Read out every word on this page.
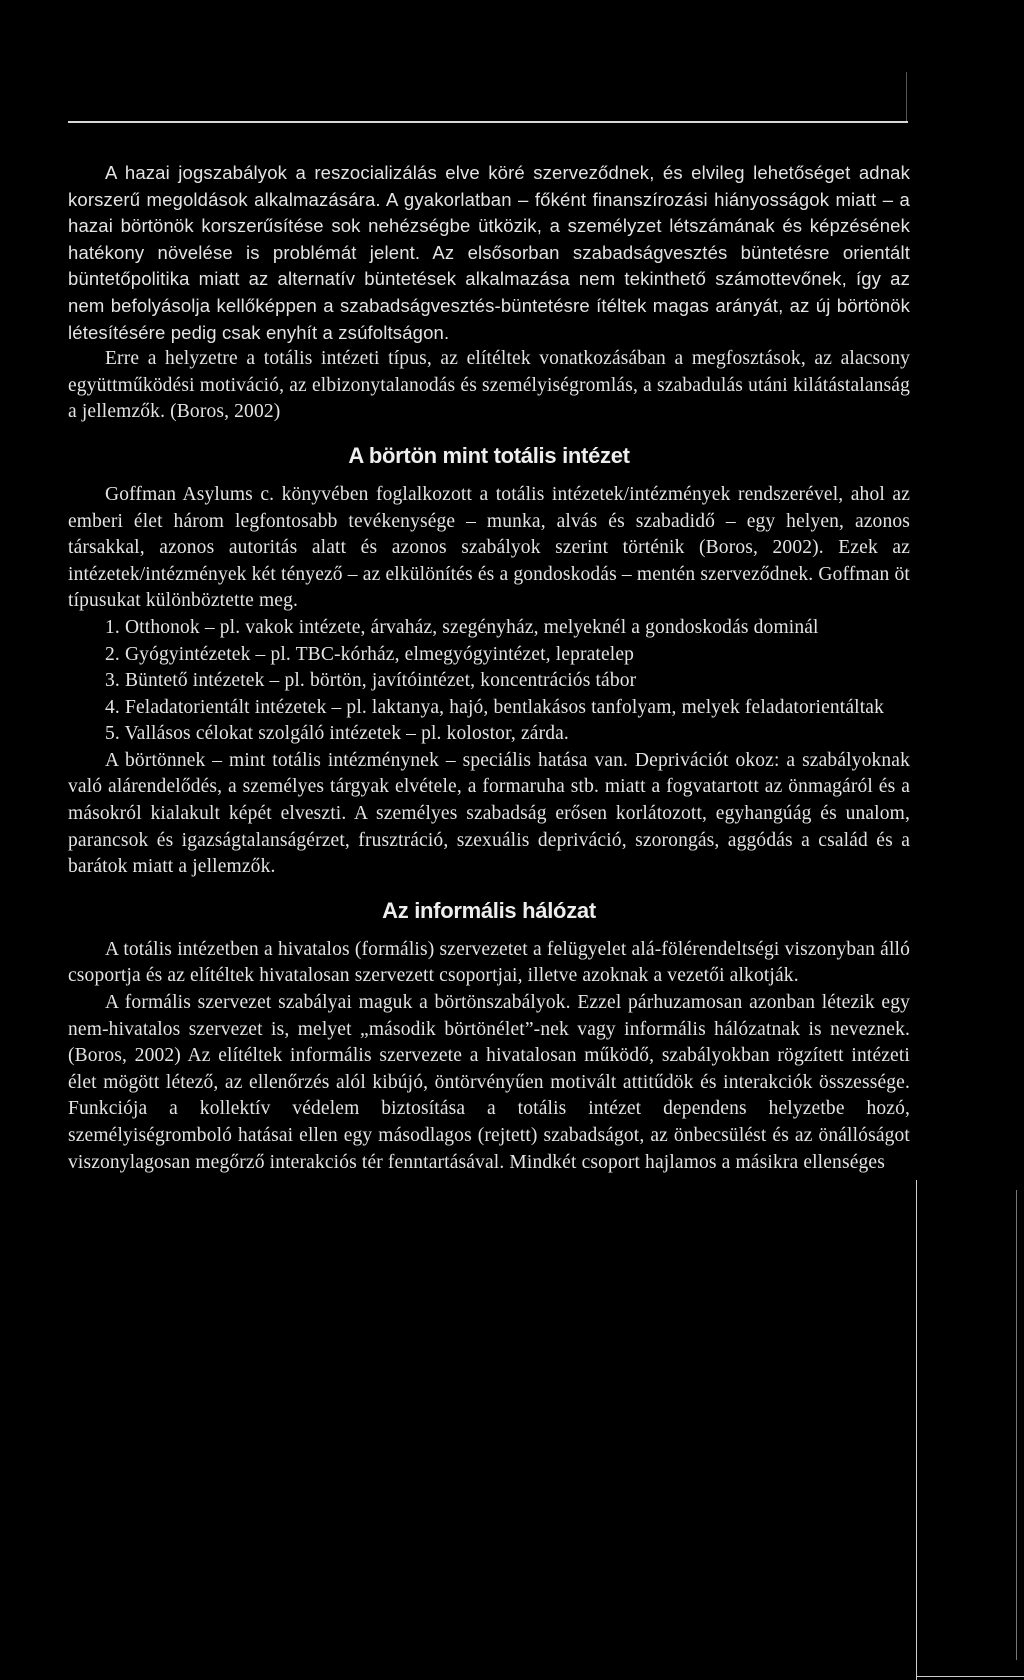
A hazai jogszabályok a reszocializálás elve köré szerveződnek, és elvileg lehetőséget adnak korszerű megoldások alkalmazására. A gyakorlatban – főként finanszírozási hiányosságok miatt – a hazai börtönök korszerűsítése sok nehézségbe ütközik, a személyzet létszámának és képzésének hatékony növelése is problémát jelent. Az elsősorban szabadságvesztés büntetésre orientált büntetőpolitika miatt az alternatív büntetések alkalmazása nem tekinthető számottevőnek, így az nem befolyásolja kellőképpen a szabadságvesztés-büntetésre ítéltek magas arányát, az új börtönök létesítésére pedig csak enyhít a zsúfoltságon.

Erre a helyzetre a totális intézeti típus, az elítéltek vonatkozásában a megfosztások, az alacsony együttműködési motiváció, az elbizonytalanodás és személyiségromlás, a szabadulás utáni kilátástalanság a jellemzők. (Boros, 2002)

A börtön mint totális intézet

Goffman Asylums c. könyvében foglalkozott a totális intézetek/intézmények rendszerével, ahol az emberi élet három legfontosabb tevékenysége – munka, alvás és szabadidő – egy helyen, azonos társakkal, azonos autoritás alatt és azonos szabályok szerint történik (Boros, 2002). Ezek az intézetek/intézmények két tényező – az elkülönítés és a gondoskodás – mentén szerveződnek. Goffman öt típusukat különböztette meg.

1. Otthonok – pl. vakok intézete, árvaház, szegényház, melyeknél a gondoskodás dominál

2. Gyógyintézetek – pl. TBC-kórház, elmegyógyintézet, lepratelep

3. Büntető intézetek – pl. börtön, javítóintézet, koncentrációs tábor

4. Feladatorientált intézetek – pl. laktanya, hajó, bentlakásos tanfolyam, melyek feladatorientáltak

5. Vallásos célokat szolgáló intézetek – pl. kolostor, zárda.

A börtönnek – mint totális intézménynek – speciális hatása van. Deprivációt okoz: a szabályoknak való alárendelődés, a személyes tárgyak elvétele, a formaruha stb. miatt a fogvatartott az önmagáról és a másokról kialakult képét elveszti. A személyes szabadság erősen korlátozott, egyhangúág és unalom, parancsok és igazságtalanságérzet, frusztráció, szexuális depriváció, szorongás, aggódás a család és a barátok miatt a jellemzők.

Az informális hálózat

A totális intézetben a hivatalos (formális) szervezetet a felügyelet alá-fölérendeltségi viszonyban álló csoportja és az elítéltek hivatalosan szervezett csoportjai, illetve azoknak a vezetői alkotják.

A formális szervezet szabályai maguk a börtönszabályok. Ezzel párhuzamosan azonban létezik egy nem-hivatalos szervezet is, melyet „második börtönélet”-nek vagy informális hálózatnak is neveznek. (Boros, 2002) Az elítéltek informális szervezete a hivatalosan működő, szabályokban rögzített intézeti élet mögött létező, az ellenőrzés alól kibújó, öntörvényűen motivált attitűdök és interakciók összessége. Funkciója a kollektív védelem biztosítása a totális intézet dependens helyzetbe hozó, személyiségromboló hatásai ellen egy másodlagos (rejtett) szabadságot, az önbecsülést és az önállóságot viszonylagosan megőrző interakciós tér fenntartásával. Mindkét csoport hajlamos a másikra ellenséges
